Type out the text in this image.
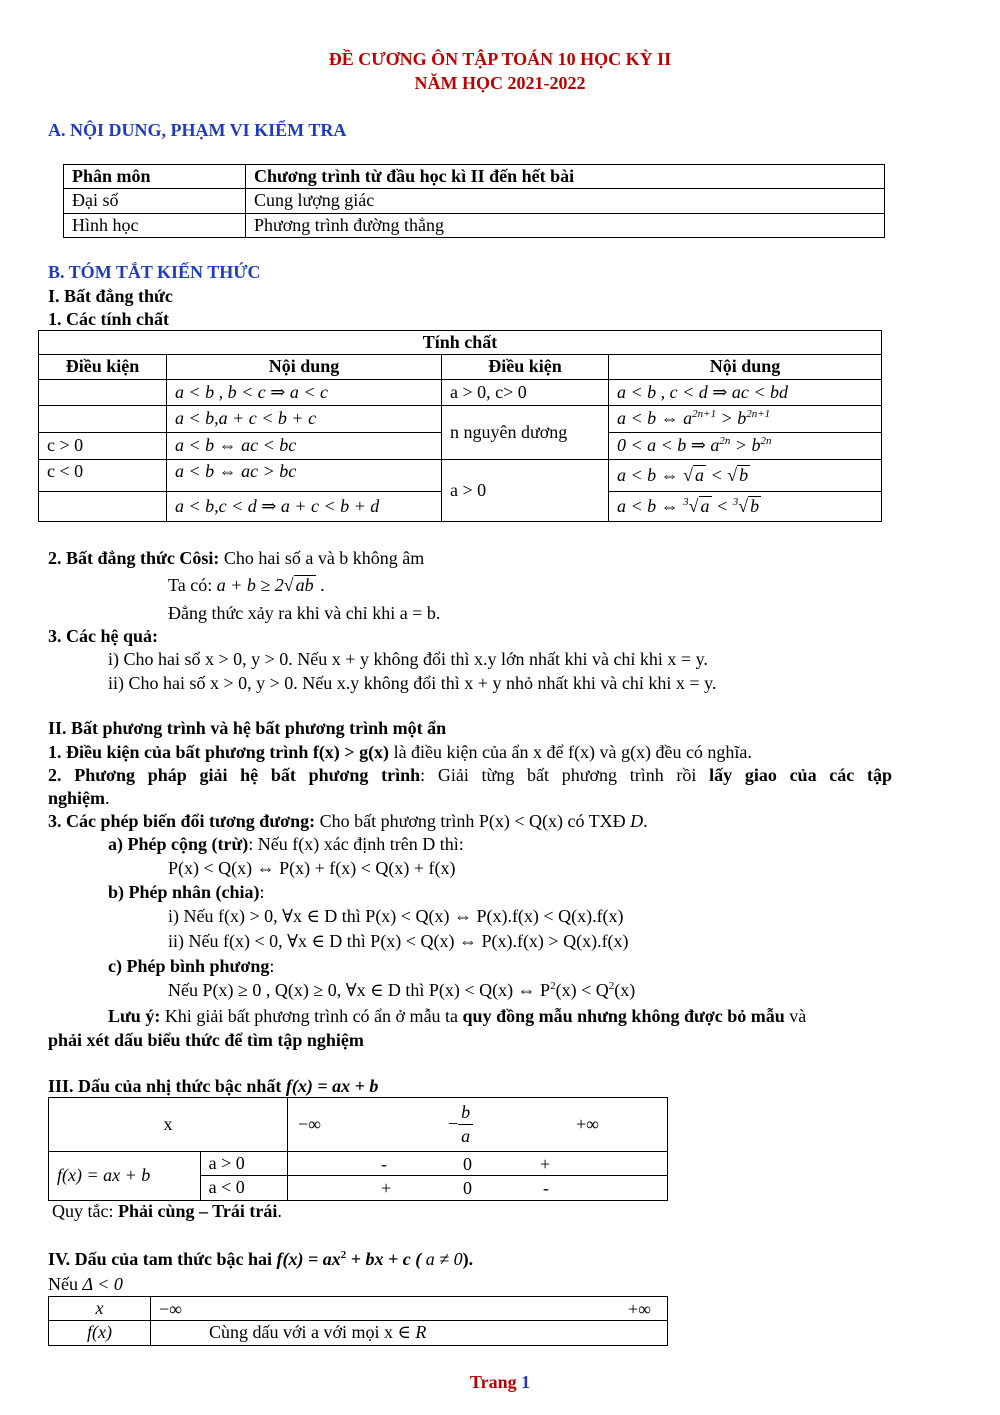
ĐỀ CƯƠNG ÔN TẬP TOÁN 10 HỌC KỲ II
NĂM HỌC 2021-2022
A. NỘI DUNG, PHẠM VI KIỂM TRA
Phân môn	Chương trình từ đầu học kì II đến hết bài
Đại số	Cung lượng giác
Hình học	Phương trình đường thẳng
B. TÓM TẮT KIẾN THỨC
I. Bất đẳng thức
1. Các tính chất
Tính chất			
Điều kiện	Nội dung	Điều kiện	Nội dung
	a < b , b < c ⇒ a < c	a > 0, c> 0	a < b , c < d ⇒ ac < bd
	a < b,a + c < b + c	n nguyên dương	a < b ⇔ $a^{2n+1} > b^{2n+1}$
c > 0	a < b ⇔ ac < bc		0 < a < b ⇒ $a^{2n} > b^{2n}$
c < 0	a < b ⇔ ac > bc	a > 0	a < b ⇔ √ a < √ b
	a < b,c < d ⇒ a + c < b + d		a < b ⇔ $^3$√ a < $^3$√ b
2. Bất đẳng thức Côsi: Cho hai số a và b không âm
Ta có: a + b ≥ 2√ ab .
Đẳng thức xảy ra khi và chỉ khi a = b.
3. Các hệ quả:
i) Cho hai số x > 0, y > 0. Nếu x + y không đổi thì x.y lớn nhất khi và chỉ khi x = y.
ii) Cho hai số x > 0, y > 0. Nếu x.y không đổi thì x + y nhỏ nhất khi và chỉ khi x = y.
II. Bất phương trình và hệ bất phương trình một ẩn
1. Điều kiện của bất phương trình f(x) > g(x) là điều kiện của ẩn x để f(x) và g(x) đều có nghĩa.
2. Phương pháp giải hệ bất phương trình: Giải từng bất phương trình rồi lấy giao của các tập
nghiệm.
3. Các phép biến đổi tương đương: Cho bất phương trình P(x) < Q(x) có TXĐ D.
a) Phép cộng (trừ): Nếu f(x) xác định trên D thì:
P(x) < Q(x) ⇔ P(x) + f(x) < Q(x) + f(x)
b) Phép nhân (chia):
i) Nếu f(x) > 0, ∀x ∈ D thì P(x) < Q(x) ⇔ P(x).f(x) < Q(x).f(x)
ii) Nếu f(x) < 0, ∀x ∈ D thì P(x) < Q(x) ⇔ P(x).f(x) > Q(x).f(x)
c) Phép bình phương:
Nếu P(x) ≥ 0 , Q(x) ≥ 0, ∀x ∈ D thì P(x) < Q(x) ⇔ $P^2(x) < Q^2(x)$
Lưu ý: Khi giải bất phương trình có ẩn ở mẫu ta quy đồng mẫu nhưng không được bỏ mẫu và
phải xét dấu biểu thức để tìm tập nghiệm
III. Dấu của nhị thức bậc nhất f(x) = ax + b
x		−∞ − $\frac{b}{a}$ +∞

f(x) = ax + b	a > 0	- 0 +

	a < 0	+ 0 -
Quy tắc: Phải cùng – Trái trái.
IV. Dấu của tam thức bậc hai $f(x) = ax^2$ + bx + c ( a ≠ 0).
Nếu Δ < 0
x	−∞ +∞

f(x)	Cùng dấu với a với mọi x ∈ R
Trang 1
